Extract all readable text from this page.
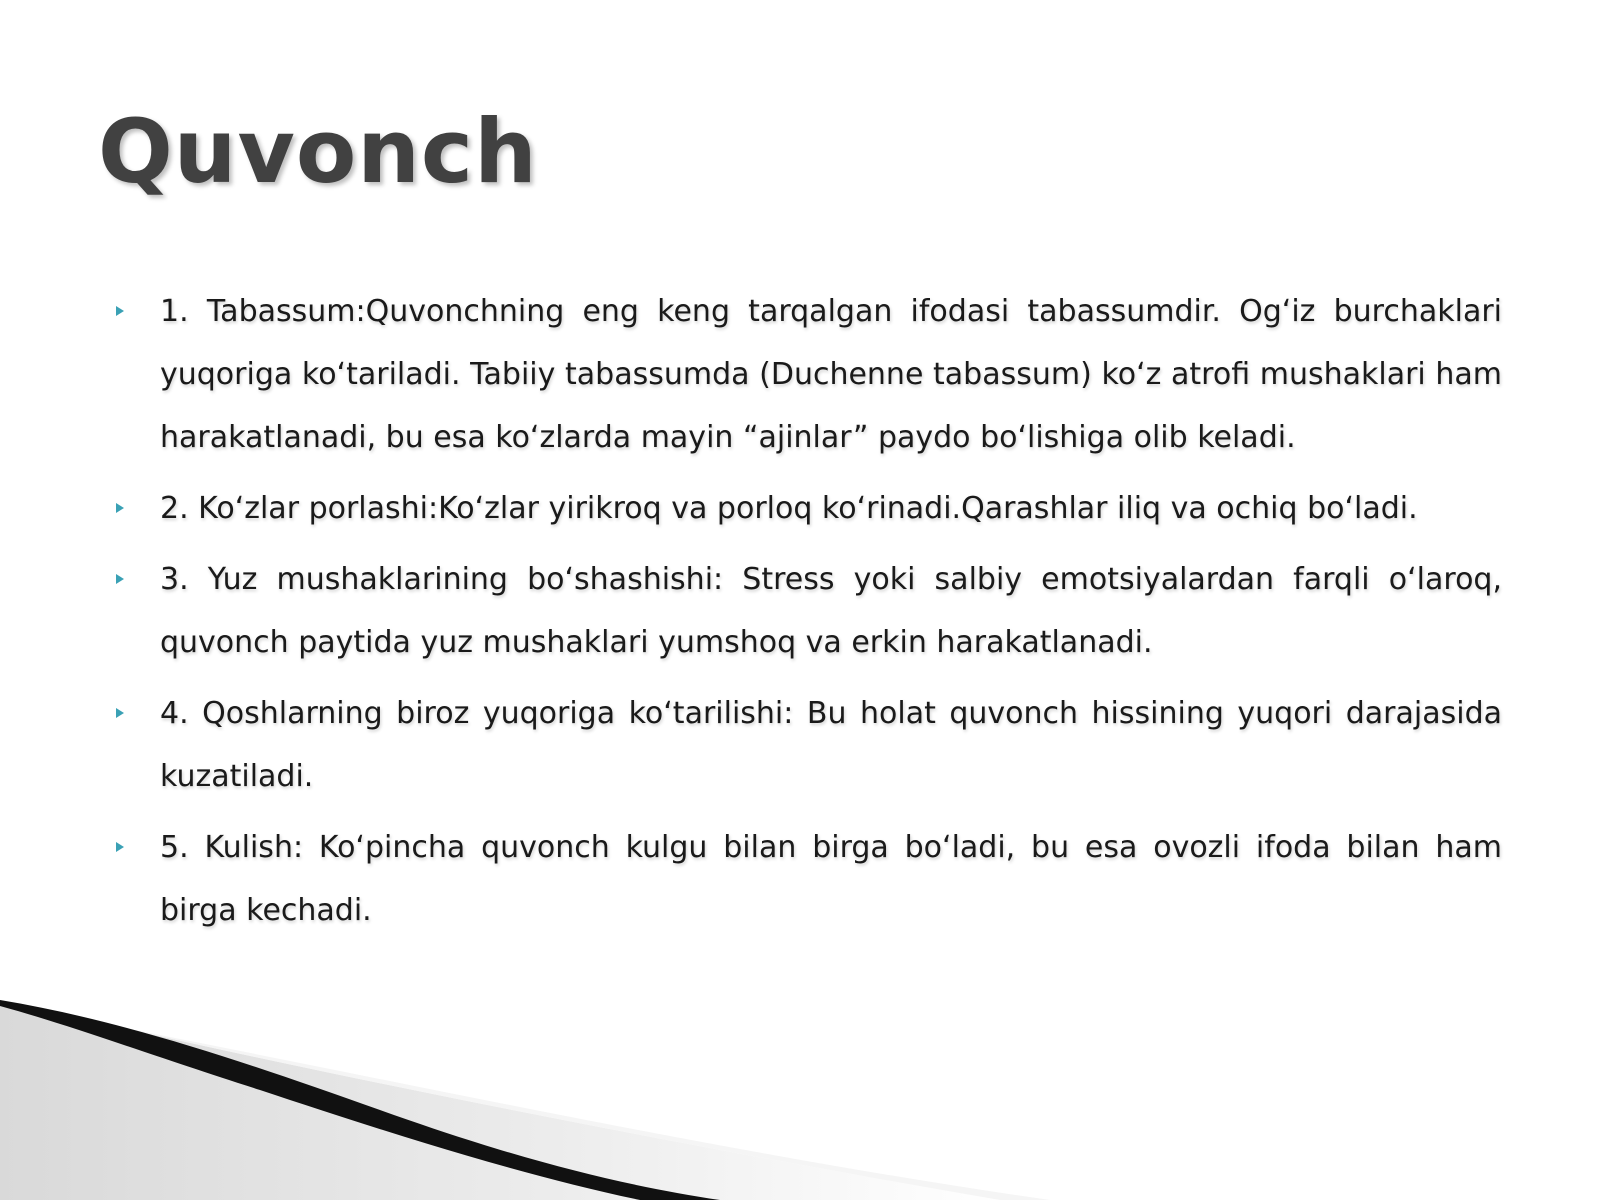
Quvonch
1. Tabassum:Quvonchning eng keng tarqalgan ifodasi tabassumdir. Og‘iz burchaklari yuqoriga ko‘tariladi. Tabiiy tabassumda (Duchenne tabassum) ko‘z atrofi mushaklari ham harakatlanadi, bu esa ko‘zlarda mayin “ajinlar” paydo bo‘lishiga olib keladi.
2. Ko‘zlar porlashi:Ko‘zlar yirikroq va porloq ko‘rinadi.Qarashlar iliq va ochiq bo‘ladi.
3. Yuz mushaklarining bo‘shashishi: Stress yoki salbiy emotsiyalardan farqli o‘laroq, quvonch paytida yuz mushaklari yumshoq va erkin harakatlanadi.
4. Qoshlarning biroz yuqoriga ko‘tarilishi: Bu holat quvonch hissining yuqori darajasida kuzatiladi.
5. Kulish: Ko‘pincha quvonch kulgu bilan birga bo‘ladi, bu esa ovozli ifoda bilan ham birga kechadi.
